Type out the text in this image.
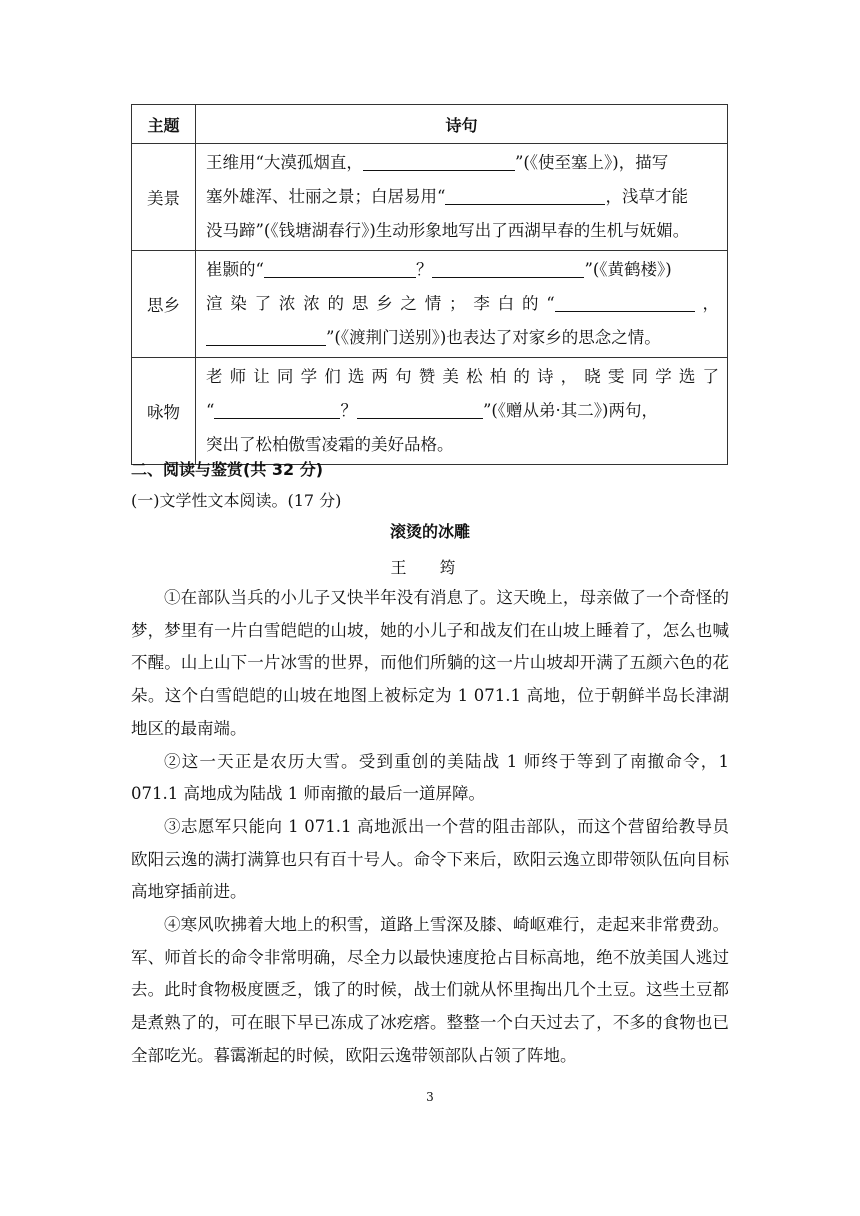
主题	诗句
美景	王维用“大漠孤烟直， ”(《使至塞上》)，描写
塞外雄浑、壮丽之景；白居易用“ ，浅草才能
没马蹄”(《钱塘湖春行》)生动形象地写出了西湖早春的生机与妩媚。

思乡	崔颢的“ ？ ”(《黄鹤楼》)
渲染了浓浓的思乡之情；李白的“ ，
”(《渡荆门送别》)也表达了对家乡的思念之情。

咏物	老师让同学们选两句赞美松柏的诗，晓雯同学选了
“ ？ ”(《赠从弟·其二》)两句，
突出了松柏傲雪凌霜的美好品格。
二、阅读与鉴赏(共 32 分)
(一)文学性文本阅读。(17 分)
滚烫的冰雕
王 筠

①在部队当兵的小儿子又快半年没有消息了。这天晚上，母亲做了一个奇怪的梦，梦里有一片白雪皑皑的山坡，她的小儿子和战友们在山坡上睡着了，怎么也喊不醒。山上山下一片冰雪的世界，而他们所躺的这一片山坡却开满了五颜六色的花朵。这个白雪皑皑的山坡在地图上被标定为 1 071.1 高地，位于朝鲜半岛长津湖地区的最南端。

②这一天正是农历大雪。受到重创的美陆战 1 师终于等到了南撤命令，1 071.1 高地成为陆战 1 师南撤的最后一道屏障。

③志愿军只能向 1 071.1 高地派出一个营的阻击部队，而这个营留给教导员欧阳云逸的满打满算也只有百十号人。命令下来后，欧阳云逸立即带领队伍向目标高地穿插前进。

④寒风吹拂着大地上的积雪，道路上雪深及膝、崎岖难行，走起来非常费劲。军、师首长的命令非常明确，尽全力以最快速度抢占目标高地，绝不放美国人逃过去。此时食物极度匮乏，饿了的时候，战士们就从怀里掏出几个土豆。这些土豆都是煮熟了的，可在眼下早已冻成了冰疙瘩。整整一个白天过去了，不多的食物也已全部吃光。暮霭渐起的时候，欧阳云逸带领部队占领了阵地。

3
